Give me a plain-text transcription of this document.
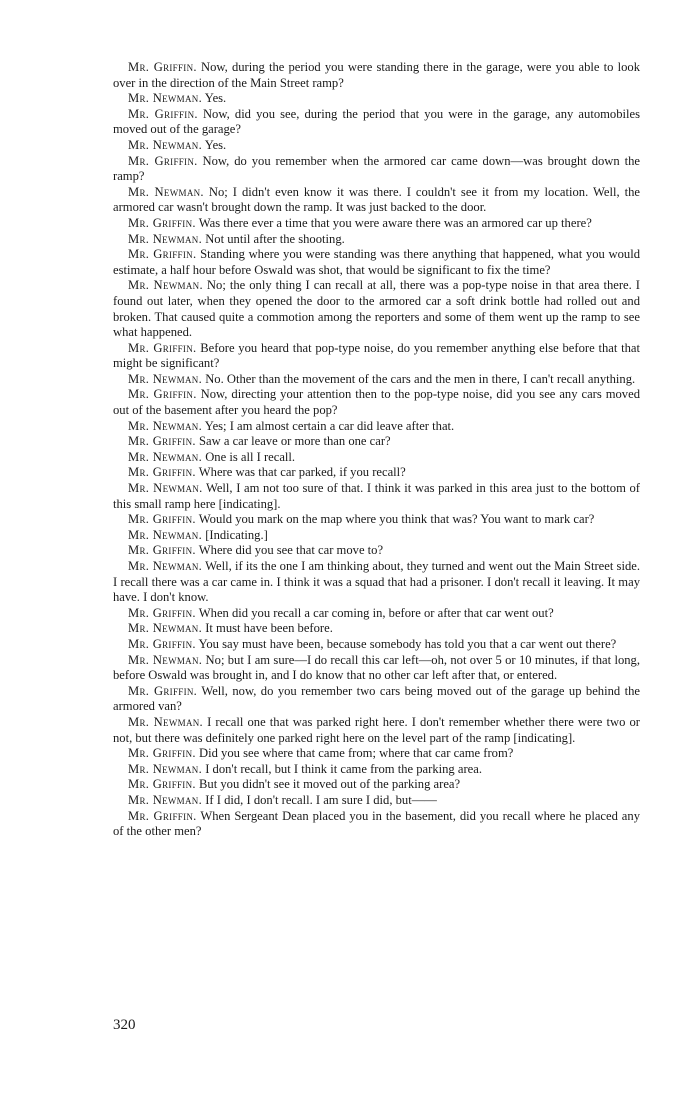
Mr. Griffin. Now, during the period you were standing there in the garage, were you able to look over in the direction of the Main Street ramp?

Mr. Newman. Yes.

Mr. Griffin. Now, did you see, during the period that you were in the garage, any automobiles moved out of the garage?

Mr. Newman. Yes.

Mr. Griffin. Now, do you remember when the armored car came down—was brought down the ramp?

Mr. Newman. No; I didn't even know it was there. I couldn't see it from my location. Well, the armored car wasn't brought down the ramp. It was just backed to the door.

Mr. Griffin. Was there ever a time that you were aware there was an armored car up there?

Mr. Newman. Not until after the shooting.

Mr. Griffin. Standing where you were standing was there anything that happened, what you would estimate, a half hour before Oswald was shot, that would be significant to fix the time?

Mr. Newman. No; the only thing I can recall at all, there was a pop-type noise in that area there. I found out later, when they opened the door to the armored car a soft drink bottle had rolled out and broken. That caused quite a commotion among the reporters and some of them went up the ramp to see what happened.

Mr. Griffin. Before you heard that pop-type noise, do you remember anything else before that that might be significant?

Mr. Newman. No. Other than the movement of the cars and the men in there, I can't recall anything.

Mr. Griffin. Now, directing your attention then to the pop-type noise, did you see any cars moved out of the basement after you heard the pop?

Mr. Newman. Yes; I am almost certain a car did leave after that.

Mr. Griffin. Saw a car leave or more than one car?

Mr. Newman. One is all I recall.

Mr. Griffin. Where was that car parked, if you recall?

Mr. Newman. Well, I am not too sure of that. I think it was parked in this area just to the bottom of this small ramp here [indicating].

Mr. Griffin. Would you mark on the map where you think that was? You want to mark car?

Mr. Newman. [Indicating.]

Mr. Griffin. Where did you see that car move to?

Mr. Newman. Well, if its the one I am thinking about, they turned and went out the Main Street side. I recall there was a car came in. I think it was a squad that had a prisoner. I don't recall it leaving. It may have. I don't know.

Mr. Griffin. When did you recall a car coming in, before or after that car went out?

Mr. Newman. It must have been before.

Mr. Griffin. You say must have been, because somebody has told you that a car went out there?

Mr. Newman. No; but I am sure—I do recall this car left—oh, not over 5 or 10 minutes, if that long, before Oswald was brought in, and I do know that no other car left after that, or entered.

Mr. Griffin. Well, now, do you remember two cars being moved out of the garage up behind the armored van?

Mr. Newman. I recall one that was parked right here. I don't remember whether there were two or not, but there was definitely one parked right here on the level part of the ramp [indicating].

Mr. Griffin. Did you see where that came from; where that car came from?

Mr. Newman. I don't recall, but I think it came from the parking area.

Mr. Griffin. But you didn't see it moved out of the parking area?

Mr. Newman. If I did, I don't recall. I am sure I did, but——

Mr. Griffin. When Sergeant Dean placed you in the basement, did you recall where he placed any of the other men?

320
